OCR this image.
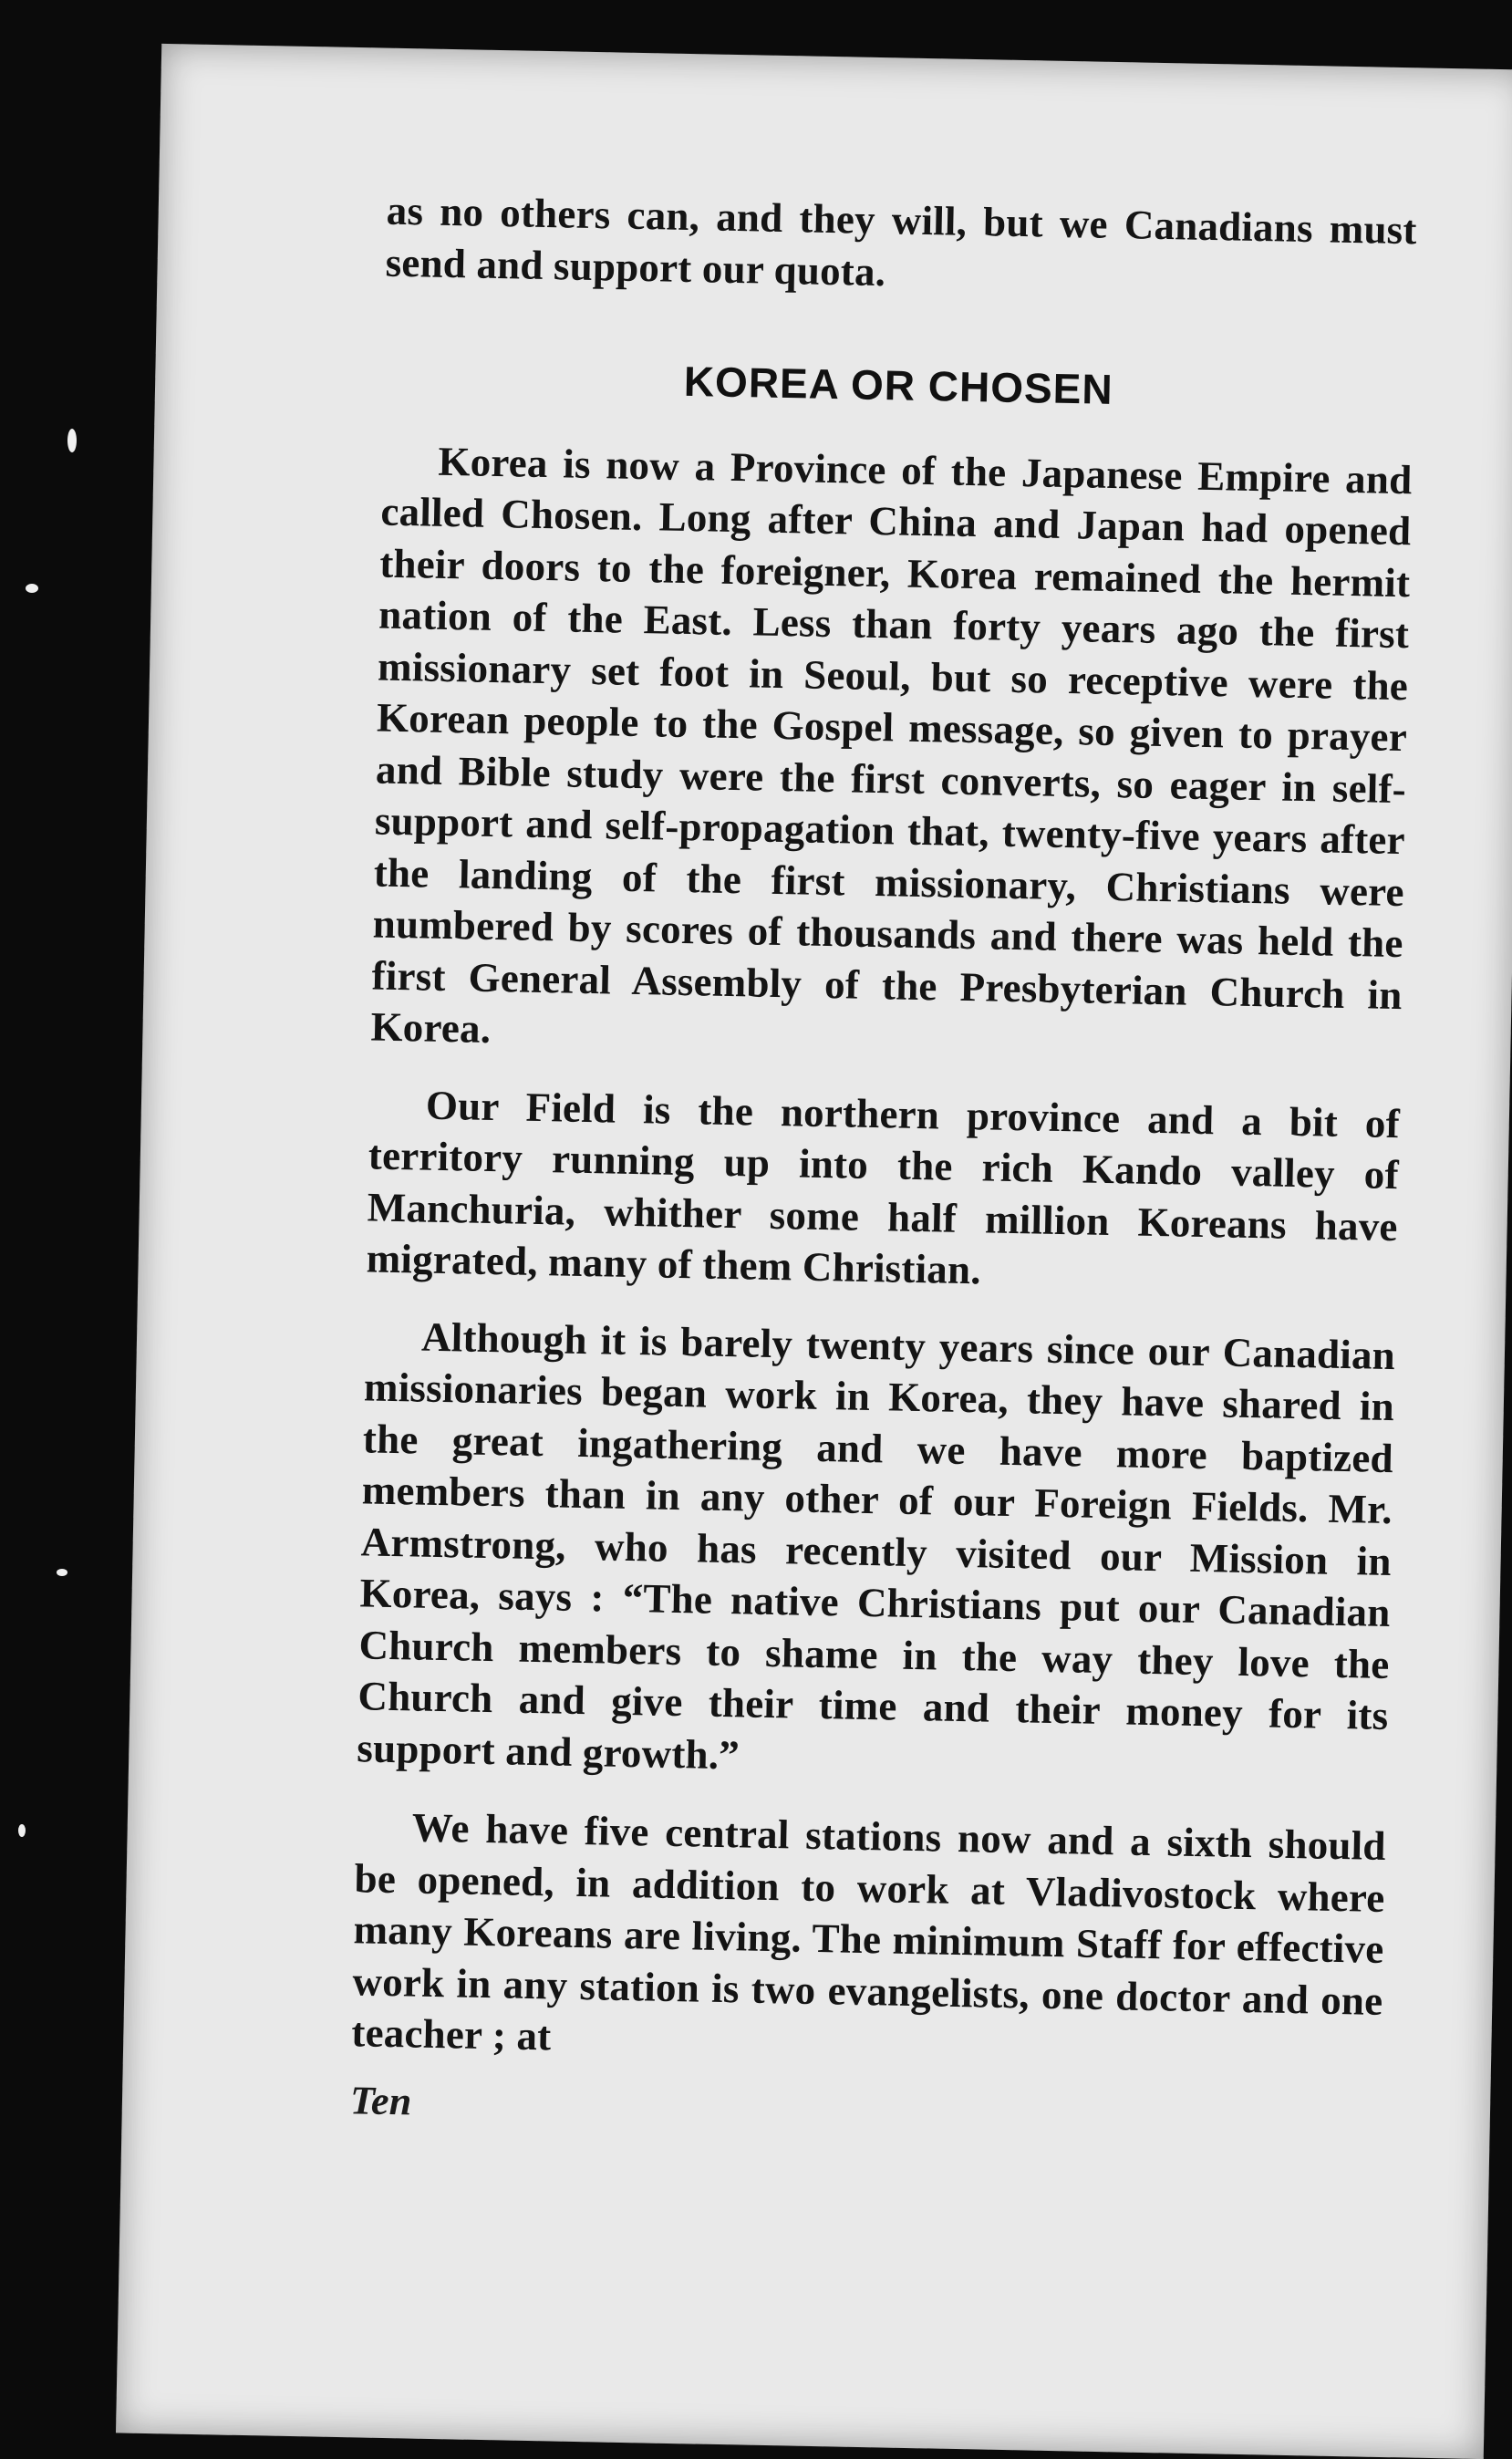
as no others can, and they will, but we Canadians must send and support our quota.

KOREA OR CHOSEN

Korea is now a Province of the Japanese Empire and called Chosen. Long after China and Japan had opened their doors to the foreigner, Korea remained the hermit nation of the East. Less than forty years ago the first missionary set foot in Seoul, but so receptive were the Korean people to the Gospel message, so given to prayer and Bible study were the first converts, so eager in self-support and self-propagation that, twenty-five years after the landing of the first missionary, Christians were numbered by scores of thousands and there was held the first General Assembly of the Presbyterian Church in Korea.

Our Field is the northern province and a bit of territory running up into the rich Kando valley of Manchuria, whither some half million Koreans have migrated, many of them Christian.

Although it is barely twenty years since our Canadian missionaries began work in Korea, they have shared in the great ingathering and we have more baptized members than in any other of our Foreign Fields. Mr. Armstrong, who has recently visited our Mission in Korea, says : “The native Christians put our Canadian Church members to shame in the way they love the Church and give their time and their money for its support and growth.”

We have five central stations now and a sixth should be opened, in addition to work at Vladivostock where many Koreans are living. The minimum Staff for effective work in any station is two evangelists, one doctor and one teacher ; at

Ten
